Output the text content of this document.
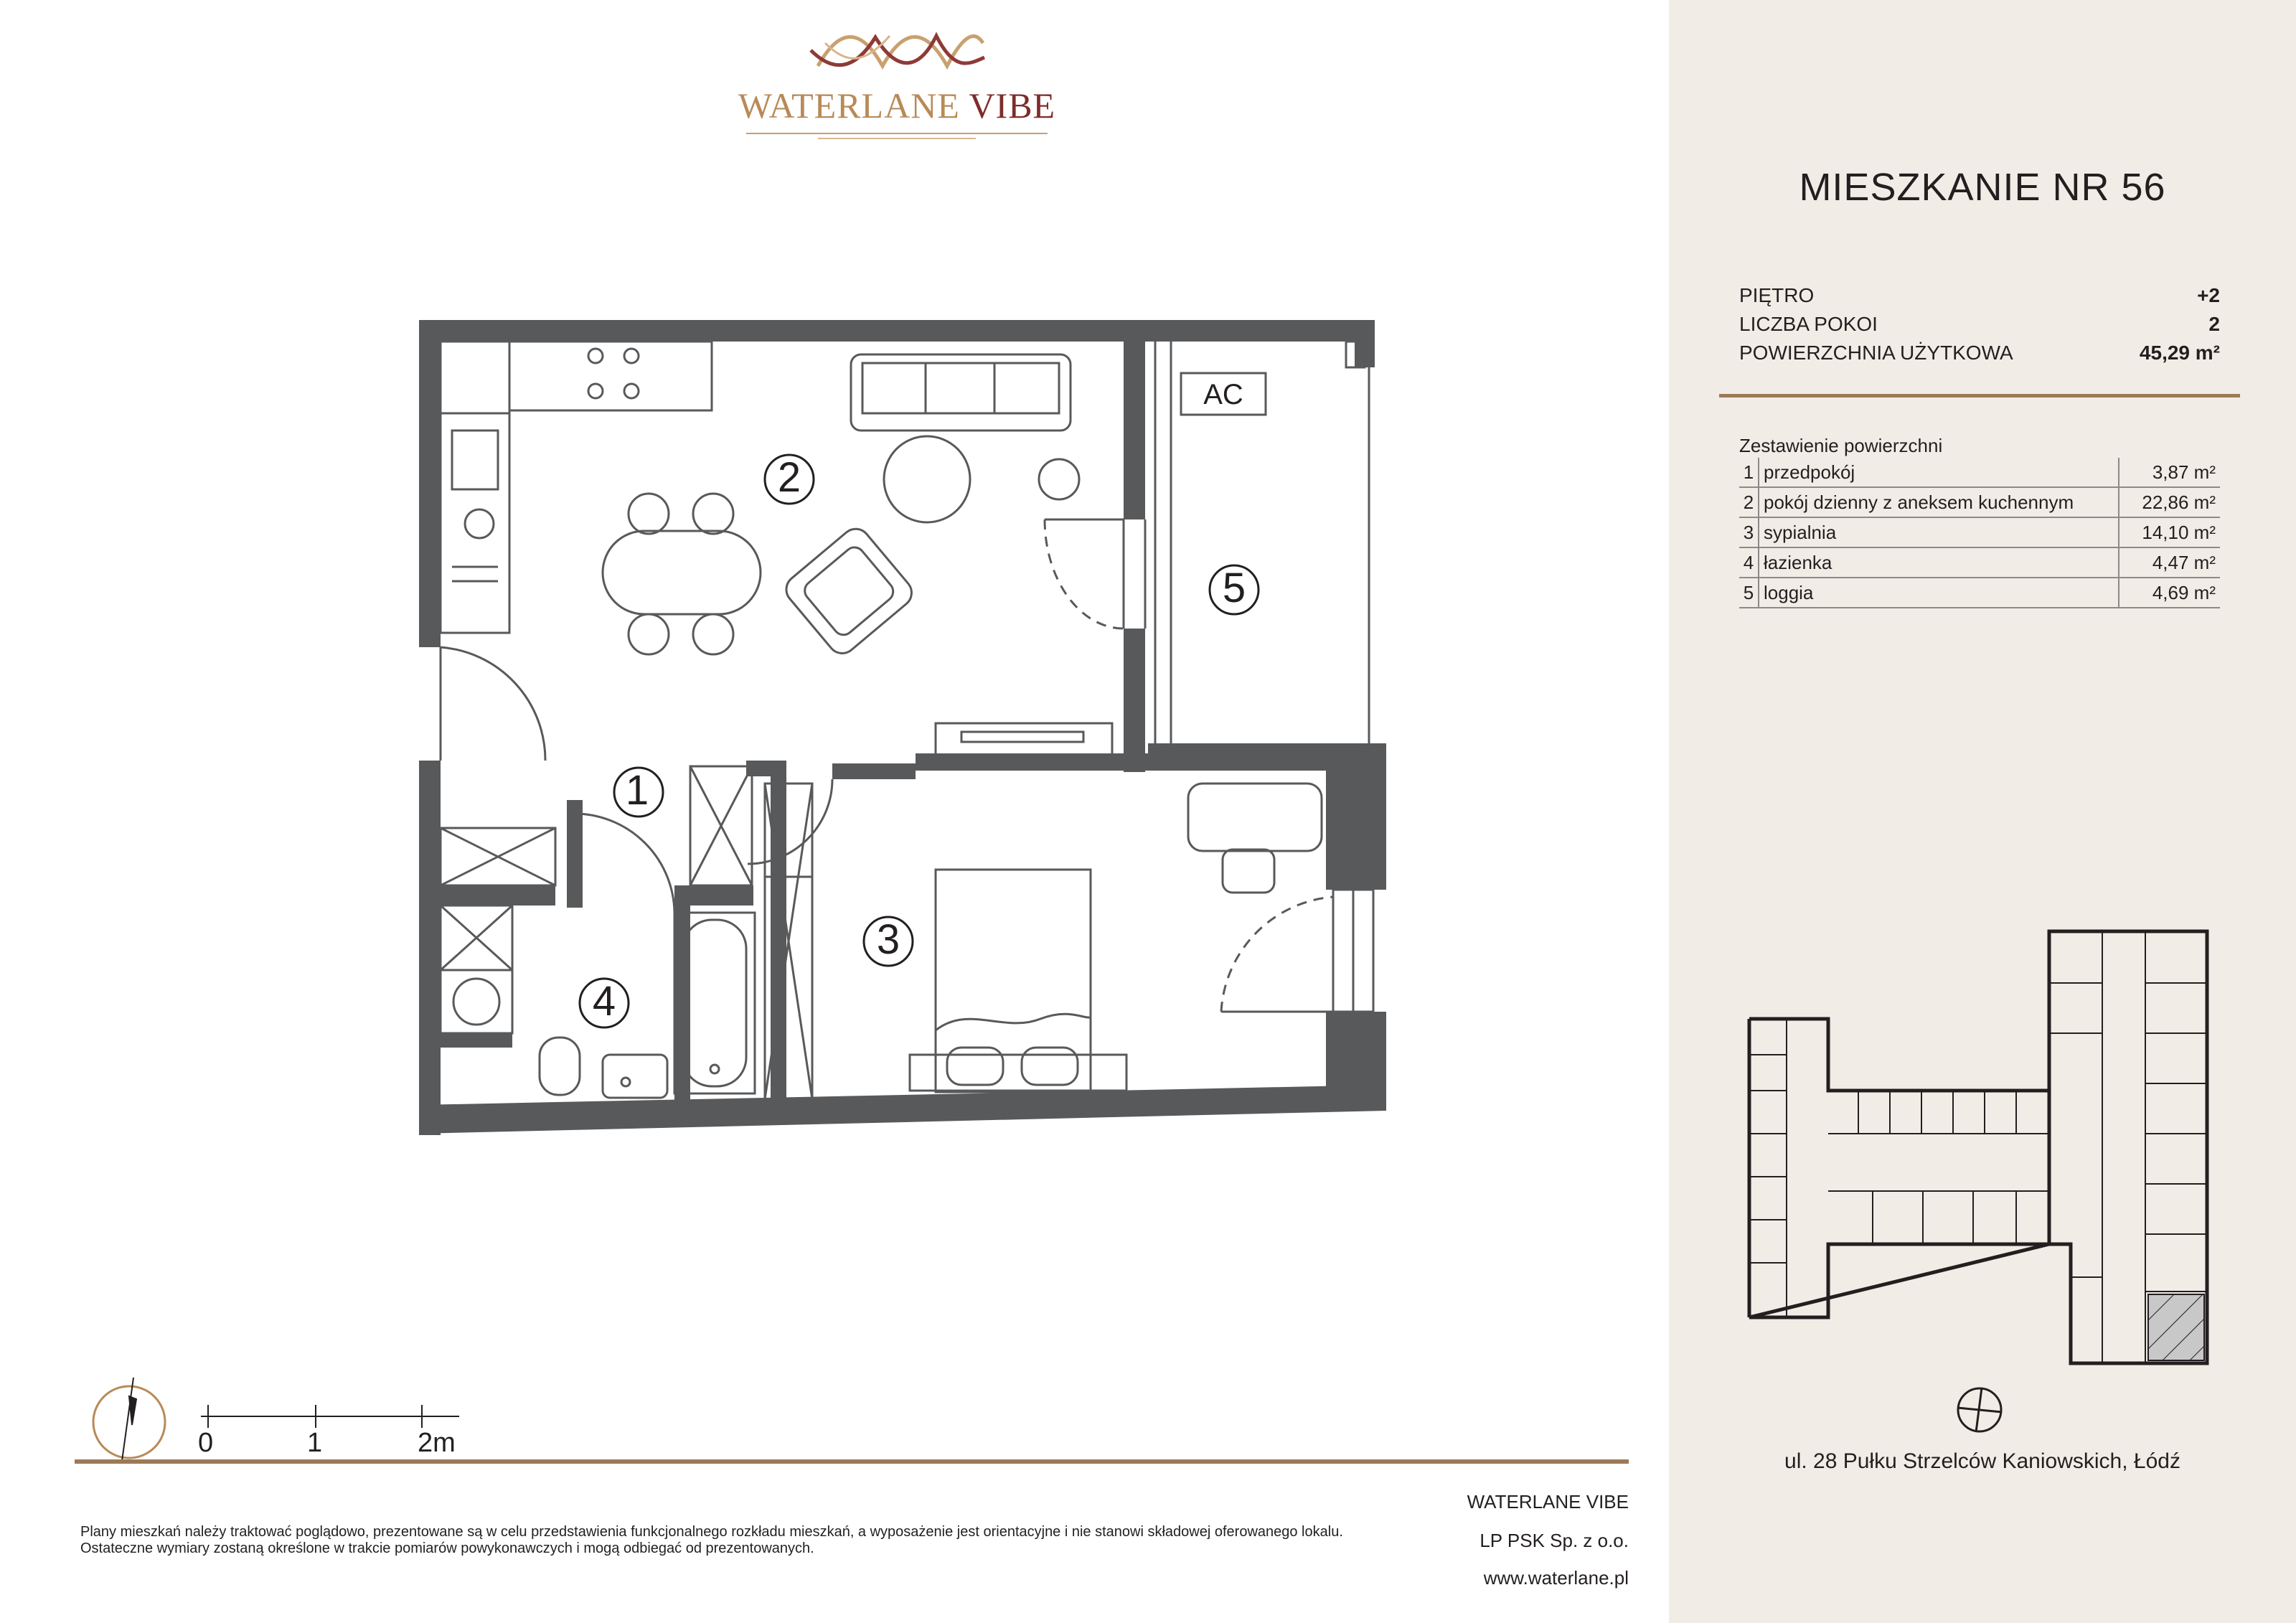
WATERLANE VIBE
AC
1
2
3
4
5
0	1	2m
MIESZKANIE NR 56
PIĘTRO	+2
LICZBA POKOI	2
POWIERZCHNIA UŻYTKOWA	45,29 m²
Zestawienie powierzchni
1	przedpokój	3,87 m²
2	pokój dzienny z aneksem kuchennym	22,86 m²
3	sypialnia	14,10 m²
4	łazienka	4,47 m²
5	loggia	4,69 m²
ul. 28 Pułku Strzelców Kaniowskich, Łódź
Plany mieszkań należy traktować poglądowo, prezentowane są w celu przedstawienia funkcjonalnego rozkładu mieszkań, a wyposażenie jest orientacyjne i nie stanowi składowej oferowanego lokalu.
Ostateczne wymiary zostaną określone w trakcie pomiarów powykonawczych i mogą odbiegać od prezentowanych.
WATERLANE VIBE
LP PSK Sp. z o.o.
www.waterlane.pl
